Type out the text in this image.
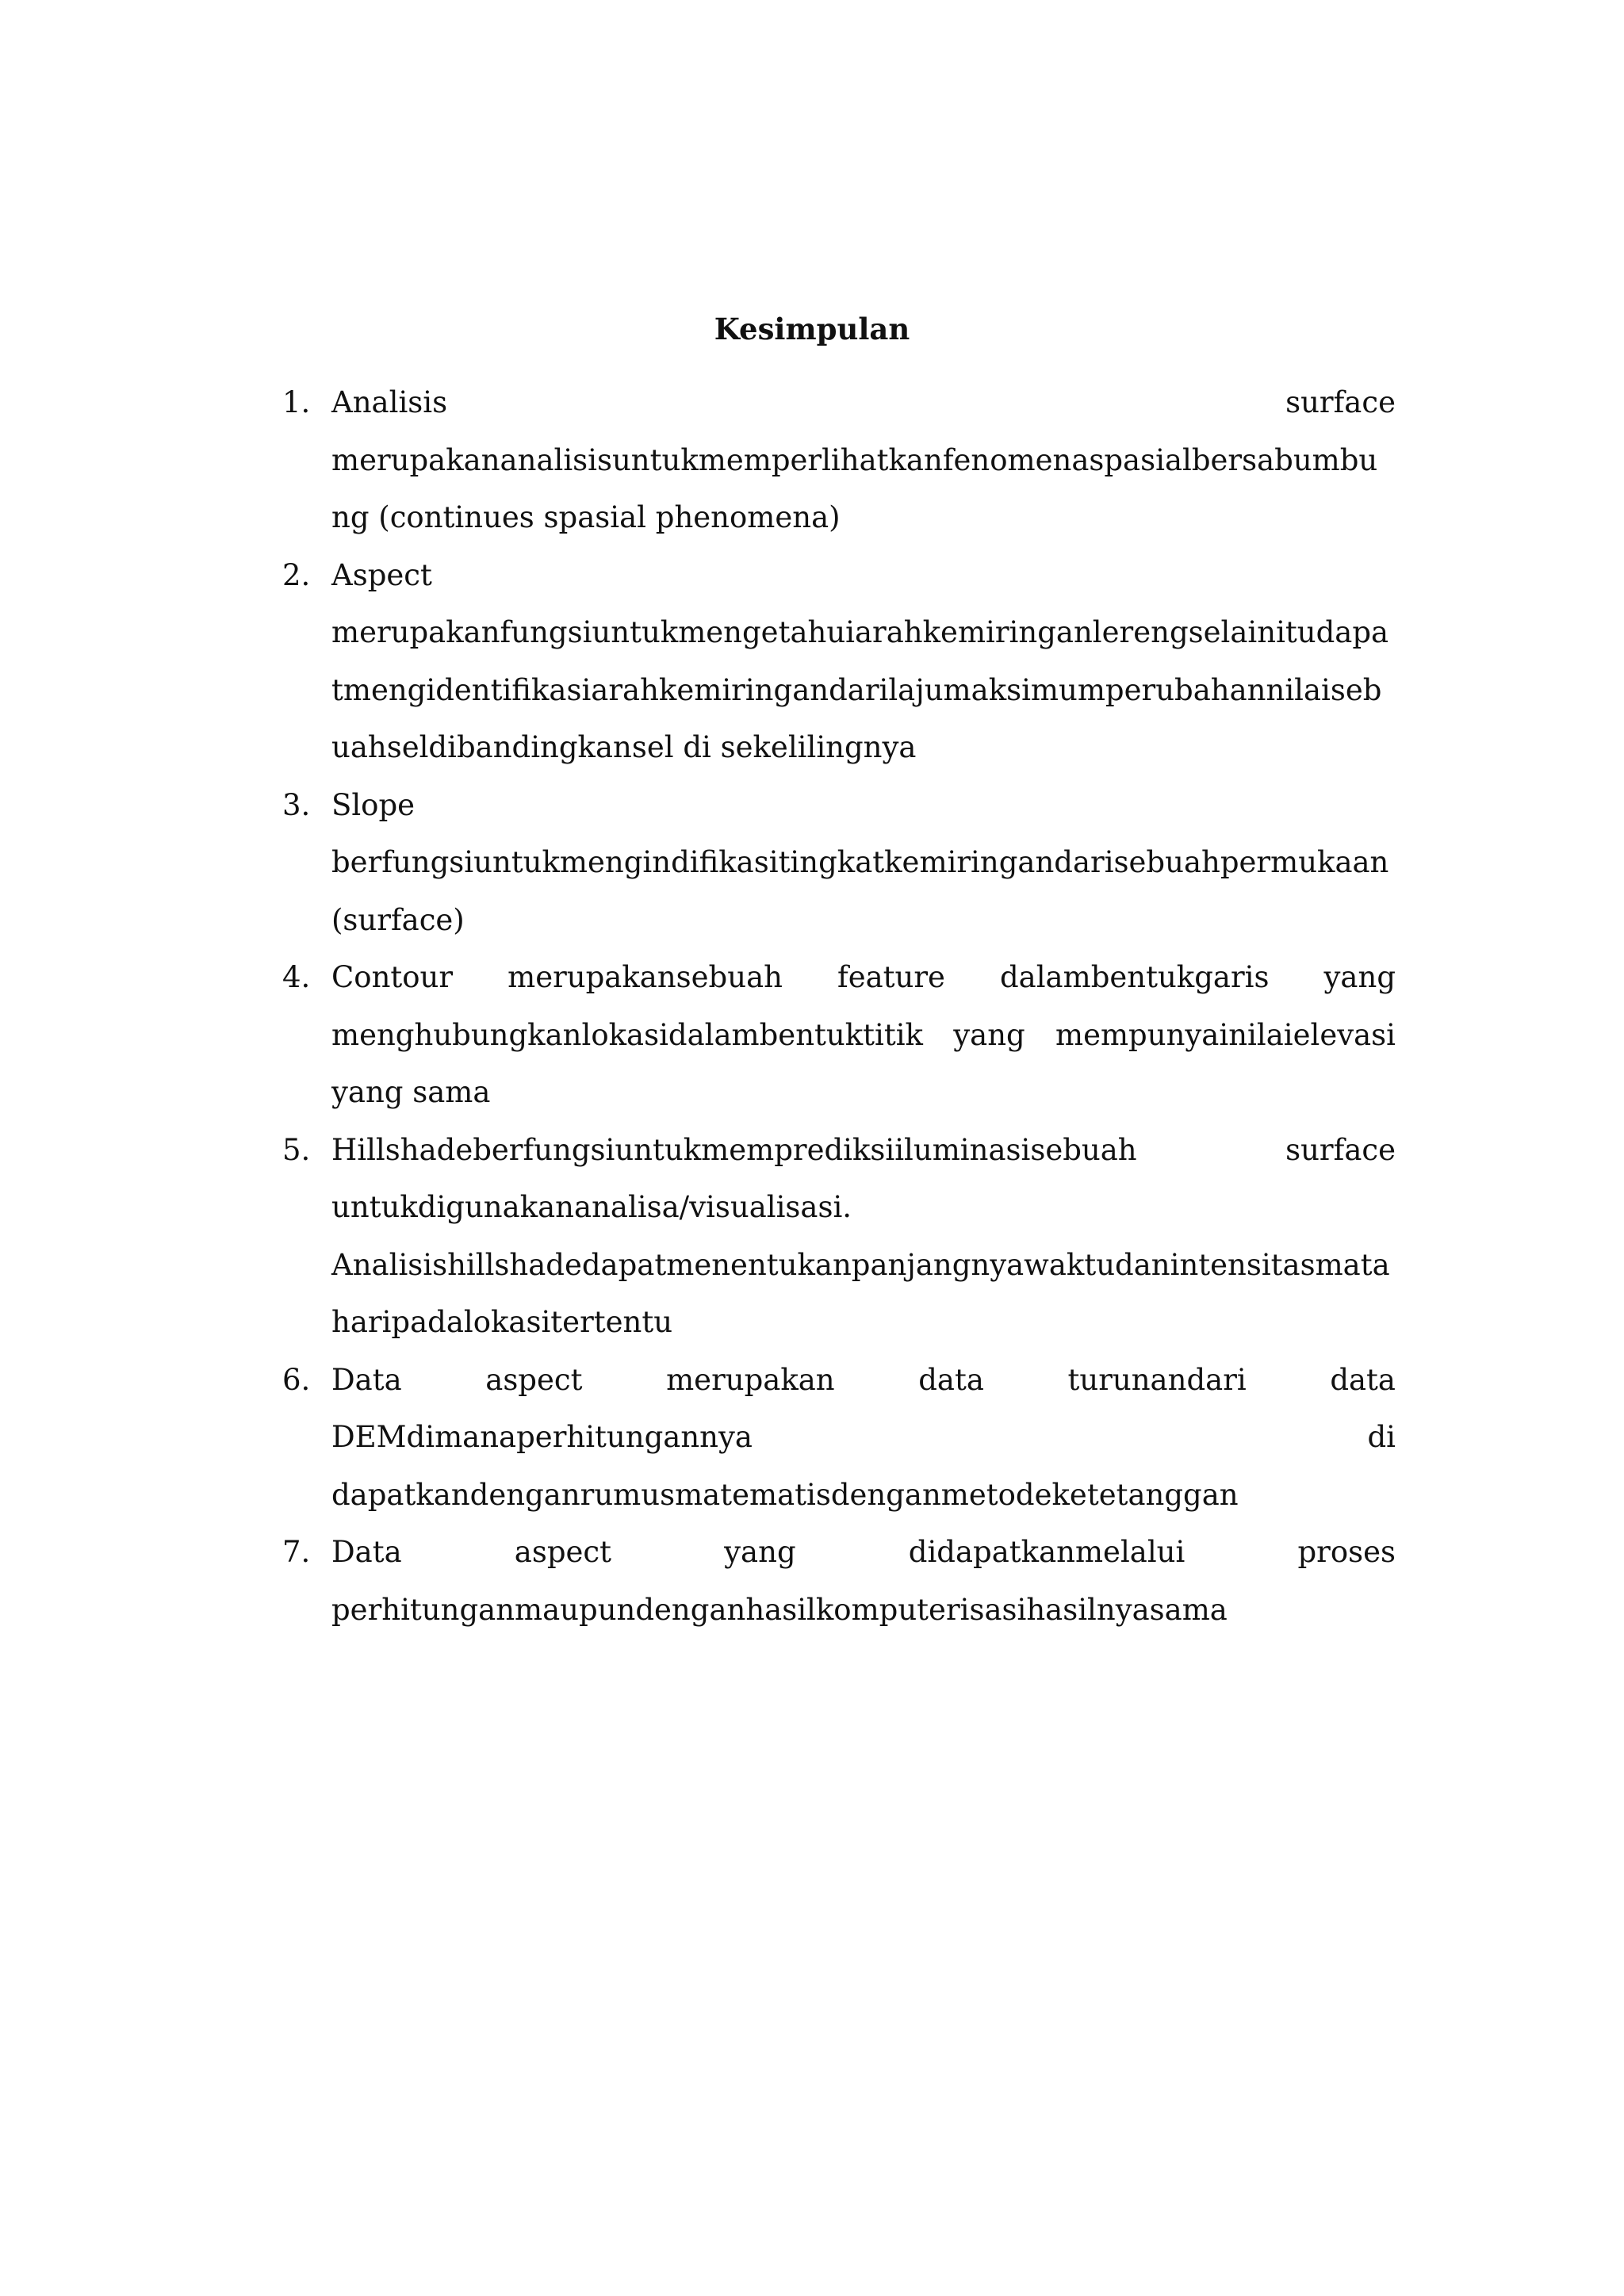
Kesimpulan
1. Analisis surface merupakananalisisuntukmemperlihatkanfenomenaspasialbersabumbung (continues spasial phenomena)
2. Aspect merupakanfungsiuntukmengetahuiarahkemiringanlerengselainitudapatmengidentifikasiarahkemiringandarilajumaksimumperubahannilaisebuahseldibandingkansel di sekelilingnya
3. Slope berfungsiuntukmengindifikasitingkatkemiringandarisebuahpermukaan (surface)
4. Contour merupakansebuah feature dalambentukgaris yang menghubungkanlokasidalambentuktitik yang mempunyainilaielevasi yang sama
5. Hillshadeberfungsiuntukmemprediksiiluminasisebuah surface untukdigunakananalisa/visualisasi. Analisishillshadedapatmenentukanpanjangnyawaktudanintensitasmataharipadalokasitertentu
6. Data aspect merupakan data turunandari data DEMdimanaperhitungannya di dapatkandenganrumusmatematisdenganmetodeketetanggan
7. Data aspect yang didapatkanmelalui proses perhitunganmaupundenganhasilkomputerisasihasilnyasama
